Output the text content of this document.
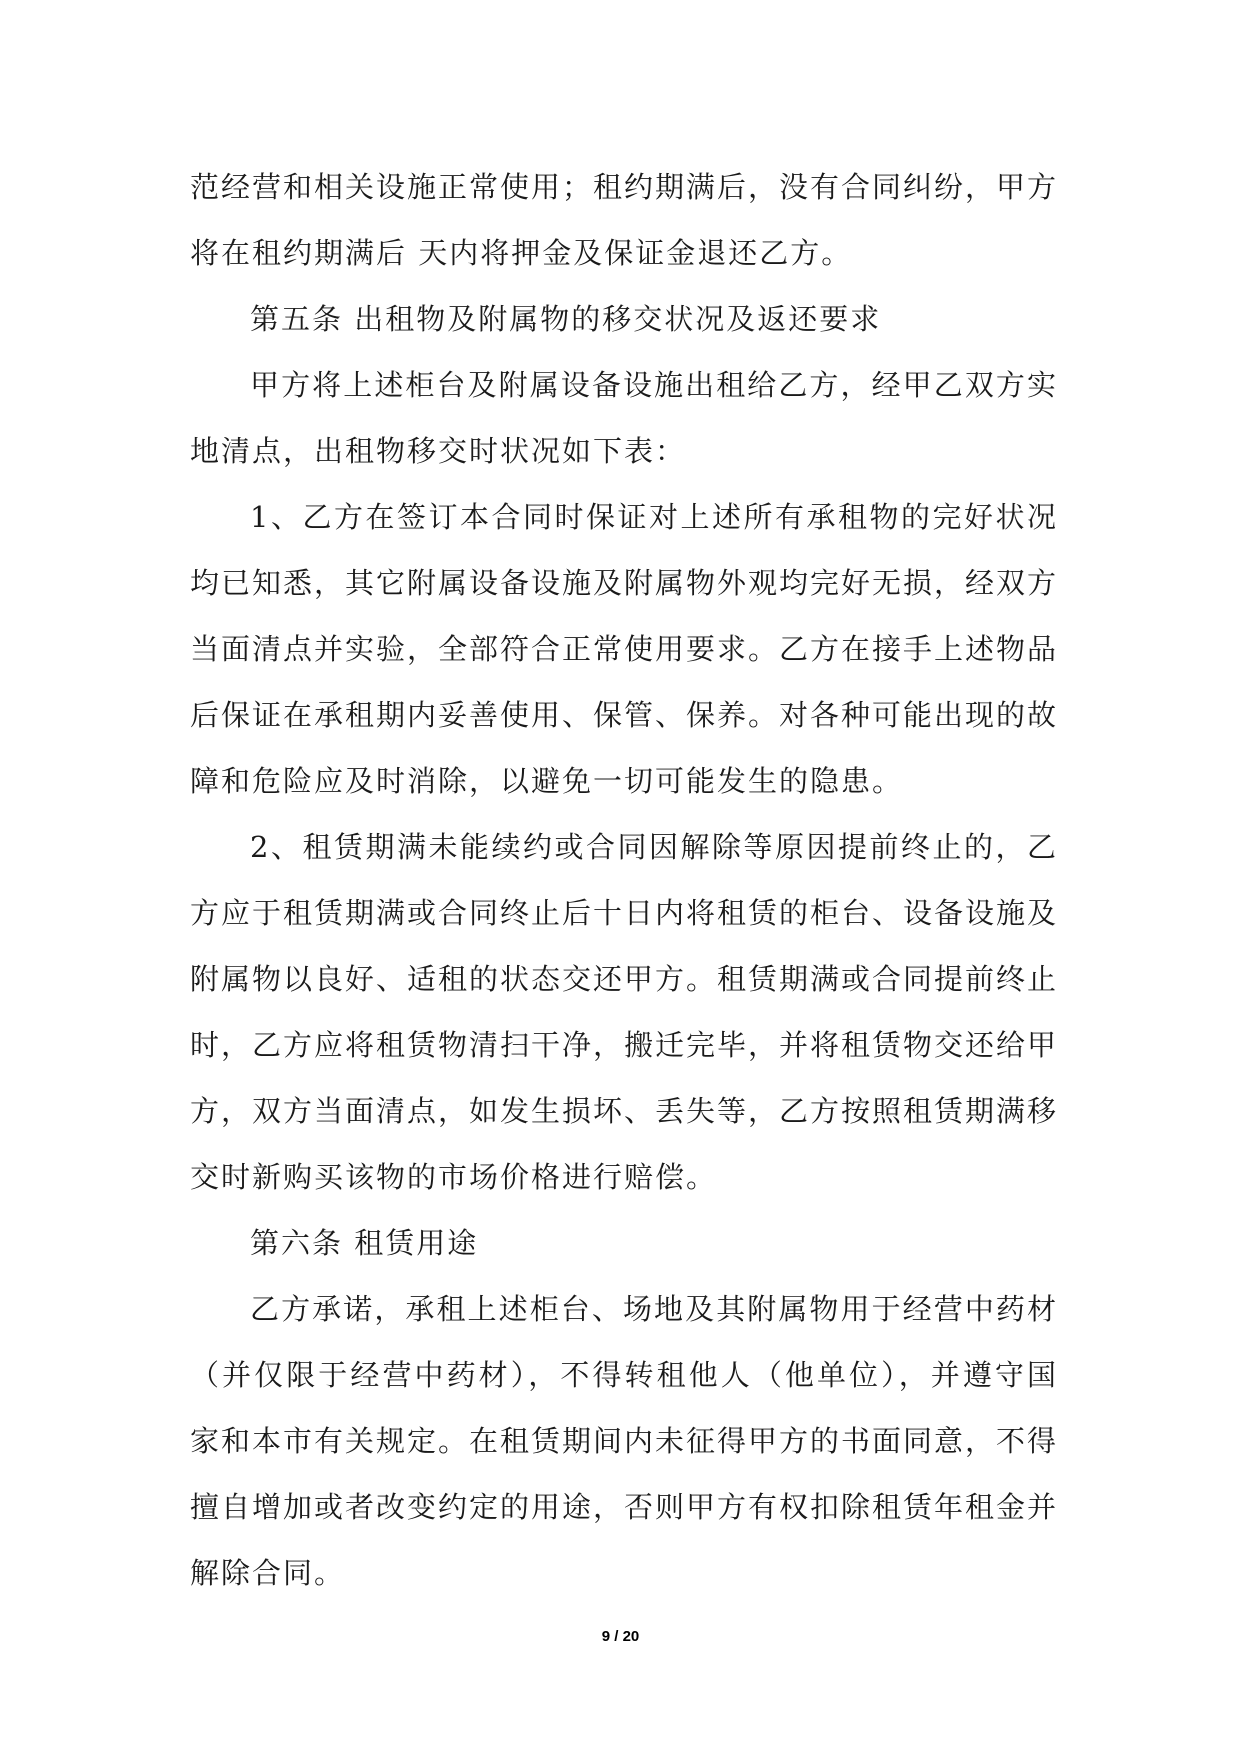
范经营和相关设施正常使用；租约期满后，没有合同纠纷，甲方将在租约期满后 天内将押金及保证金退还乙方。

第五条 出租物及附属物的移交状况及返还要求

甲方将上述柜台及附属设备设施出租给乙方，经甲乙双方实地清点，出租物移交时状况如下表：

1、乙方在签订本合同时保证对上述所有承租物的完好状况均已知悉，其它附属设备设施及附属物外观均完好无损，经双方当面清点并实验，全部符合正常使用要求。乙方在接手上述物品后保证在承租期内妥善使用、保管、保养。对各种可能出现的故障和危险应及时消除，以避免一切可能发生的隐患。

2、租赁期满未能续约或合同因解除等原因提前终止的，乙方应于租赁期满或合同终止后十日内将租赁的柜台、设备设施及附属物以良好、适租的状态交还甲方。租赁期满或合同提前终止时，乙方应将租赁物清扫干净，搬迁完毕，并将租赁物交还给甲方，双方当面清点，如发生损坏、丢失等，乙方按照租赁期满移交时新购买该物的市场价格进行赔偿。

第六条 租赁用途

乙方承诺，承租上述柜台、场地及其附属物用于经营中药材（并仅限于经营中药材），不得转租他人（他单位），并遵守国家和本市有关规定。在租赁期间内未征得甲方的书面同意，不得擅自增加或者改变约定的用途，否则甲方有权扣除租赁年租金并解除合同。

9 / 20
